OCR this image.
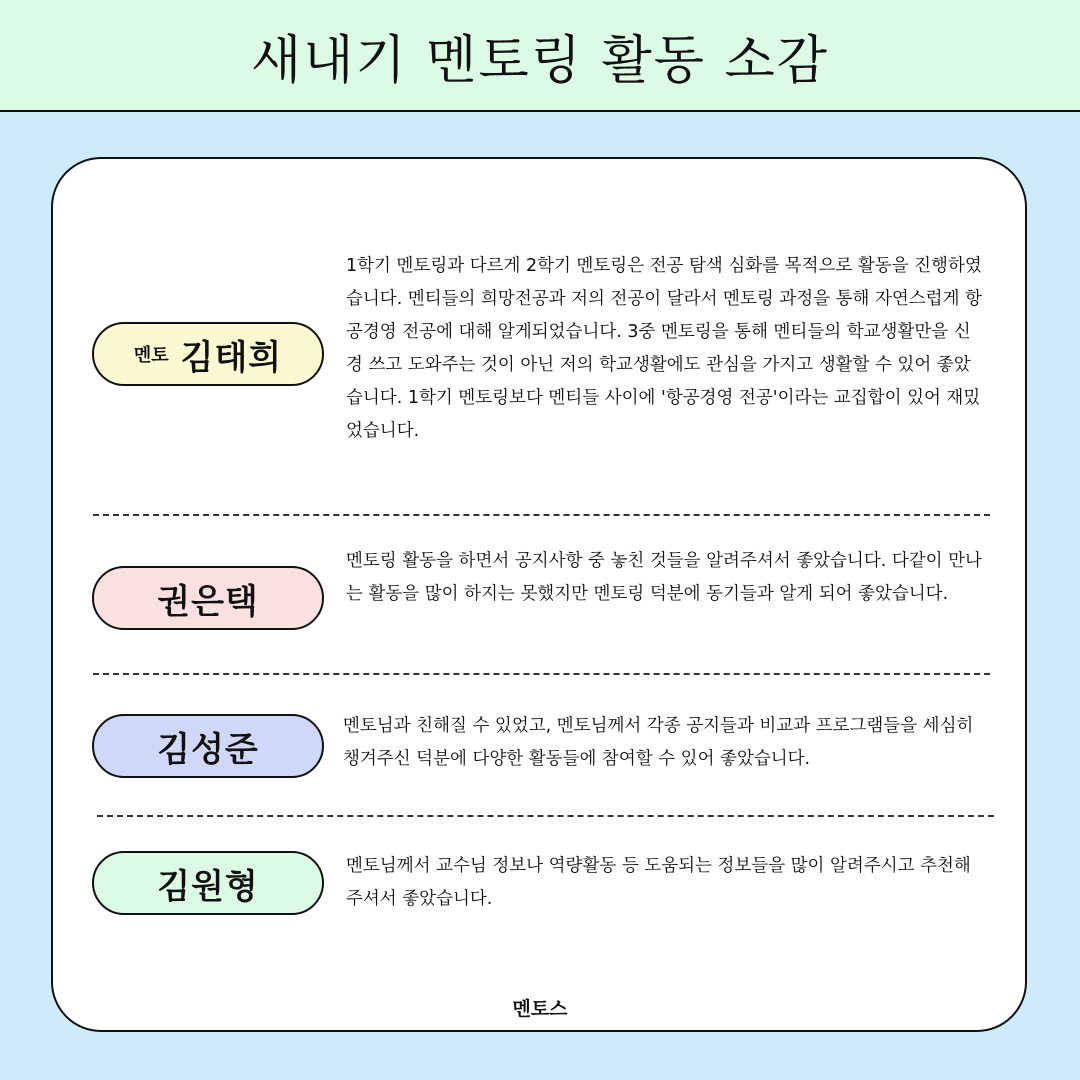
새내기 멘토링 활동 소감
멘토 김태희

1학기 멘토링과 다르게 2학기 멘토링은 전공 탐색 심화를 목적으로 활동을 진행하였습니다. 멘티들의 희망전공과 저의 전공이 달라서 멘토링 과정을 통해 자연스럽게 항공경영 전공에 대해 알게되었습니다. 3중 멘토링을 통해 멘티들의 학교생활만을 신경 쓰고 도와주는 것이 아닌 저의 학교생활에도 관심을 가지고 생활할 수 있어 좋았습니다. 1학기 멘토링보다 멘티들 사이에 '항공경영 전공'이라는 교집합이 있어 재밌었습니다.

권은택

멘토링 활동을 하면서 공지사항 중 놓친 것들을 알려주셔서 좋았습니다. 다같이 만나는 활동을 많이 하지는 못했지만 멘토링 덕분에 동기들과 알게 되어 좋았습니다.

김성준

멘토님과 친해질 수 있었고, 멘토님께서 각종 공지들과 비교과 프로그램들을 세심히 챙겨주신 덕분에 다양한 활동들에 참여할 수 있어 좋았습니다.

김원형

멘토님께서 교수님 정보나 역량활동 등 도움되는 정보들을 많이 알려주시고 추천해주셔서 좋았습니다.

멘토스
